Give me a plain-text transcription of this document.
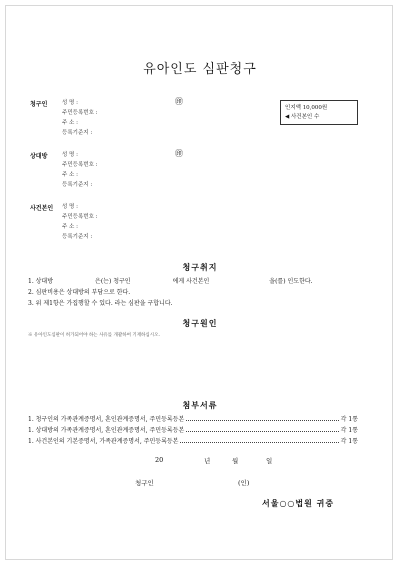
유아인도 심판청구
청구인	성 명 :
주민등록번호 :
주 소 :
등록기준지 :
㊞
인지액 10,000원
◀ 사건본인 수
상대방	성 명 :
주민등록번호 :
주 소 :
등록기준지 :
㊞
사건본인 성 명 :
주민등록번호 :
주 소 :
등록기준지 :
청구취지
1. 상대방	은(는) 청구인	에게 사건본인	을(를) 인도한다.
2. 심판비용은 상대방의 부담으로 한다.
3. 위 제1항은 가집행할 수 있다. 라는 심판을 구합니다.
청구원인
※ 유아인도심판이 허가되어야 하는 사유를 개괄하여 기재하십시오.
첨부서류
1. 청구인의 가족관계증명서, 혼인관계증명서, 주민등록등본	각 1통
1. 상대방의 가족관계증명서, 혼인관계증명서, 주민등록등본	각 1통
1. 사건본인의 기본증명서, 가족관계증명서, 주민등록등본	각 1통
20	년	월	일
청구인	(인)
서울○○법원 귀중
